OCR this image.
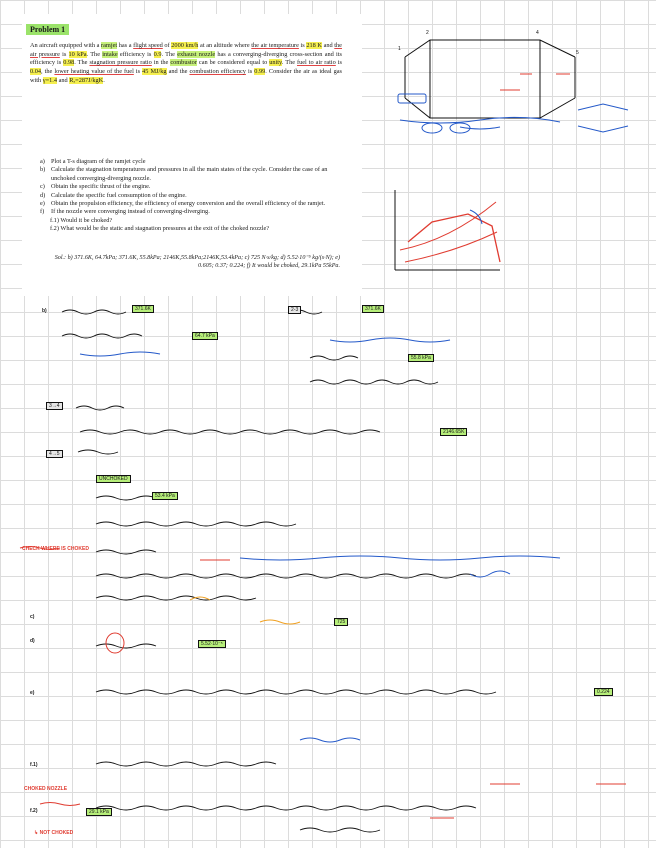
Problem 1
An aircraft equipped with a ramjet has a flight speed of 2000 km/h at an altitude where the air temperature is 218 K and the air pressure is 10 kPa. The intake efficiency is 0.9. The exhaust nozzle has a converging-diverging cross-section and its efficiency is 0.98. The stagnation pressure ratio in the combustor can be considered equal to unity. The fuel to air ratio is 0.04, the lower heating value of the fuel is 45 MJ/kg and the combustion efficiency is 0.99. Consider the air as ideal gas with γ=1.4 and Rₐ=287J/kgK.
a) Plot a T-s diagram of the ramjet cycle
b) Calculate the stagnation temperatures and pressures in all the main states of the cycle. Consider the case of an unchoked converging-diverging nozzle.
c) Obtain the specific thrust of the engine.
d) Calculate the specific fuel consumption of the engine.
e) Obtain the propulsion efficiency, the efficiency of energy conversion and the overall efficiency of the ramjet.
f)	If the nozzle were converging instead of converging-diverging.
f.1) Would it be choked?
f.2) What would be the static and stagnation pressures at the exit of the choked nozzle?
Sol.: b) 371.6K, 64.7kPa; 371.6K, 55.8kPa; 2146K,55.8kPa;2146K,53.4kPa; c) 725 N·s/kg; d) 5.52·10⁻⁵ kg/(s·N); e) 0.605; 0.37; 0.224; f) It would be choked, 29.1kPa 55kPa.
1
2	4
5
b)	371.6K
64.7 kPa
2-3	371.6K
55.8 kPa
3→4
2146.65K
4→5
UNCHOKED
53.4 kPa
CHECK WHERE IS CHOKED
c)
725
d)	5.52·10⁻⁵
e)	0.224
f.1)
CHOKED NOZZLE
f.2)	29.1 kPa
↳ NOT CHOKED
